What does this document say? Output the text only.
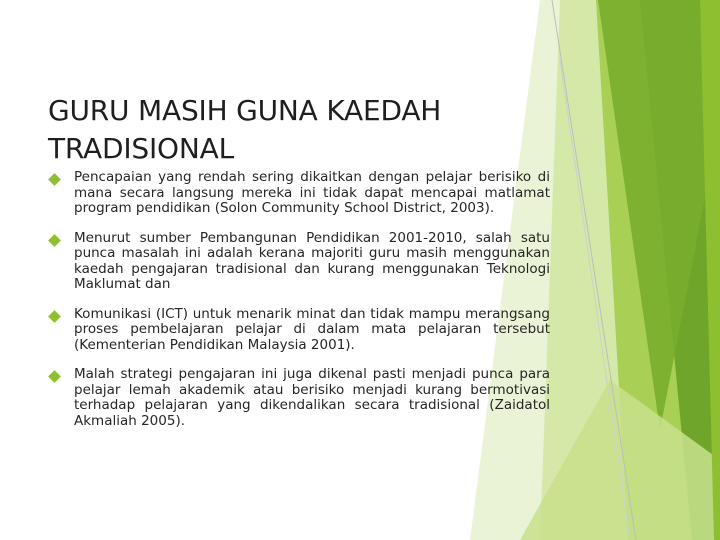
GURU MASIH GUNA KAEDAH
TRADISIONAL
Pencapaian yang rendah sering dikaitkan dengan pelajar berisiko di mana secara langsung mereka ini tidak dapat mencapai matlamat program pendidikan (Solon Community School District, 2003).
Menurut sumber Pembangunan Pendidikan 2001-2010, salah satu punca masalah ini adalah kerana majoriti guru masih menggunakan kaedah pengajaran tradisional dan kurang menggunakan Teknologi Maklumat dan
Komunikasi (ICT) untuk menarik minat dan tidak mampu merangsang proses pembelajaran pelajar di dalam mata pelajaran tersebut (Kementerian Pendidikan Malaysia 2001).
Malah strategi pengajaran ini juga dikenal pasti menjadi punca para pelajar lemah akademik atau berisiko menjadi kurang bermotivasi terhadap pelajaran yang dikendalikan secara tradisional (Zaidatol Akmaliah 2005).
